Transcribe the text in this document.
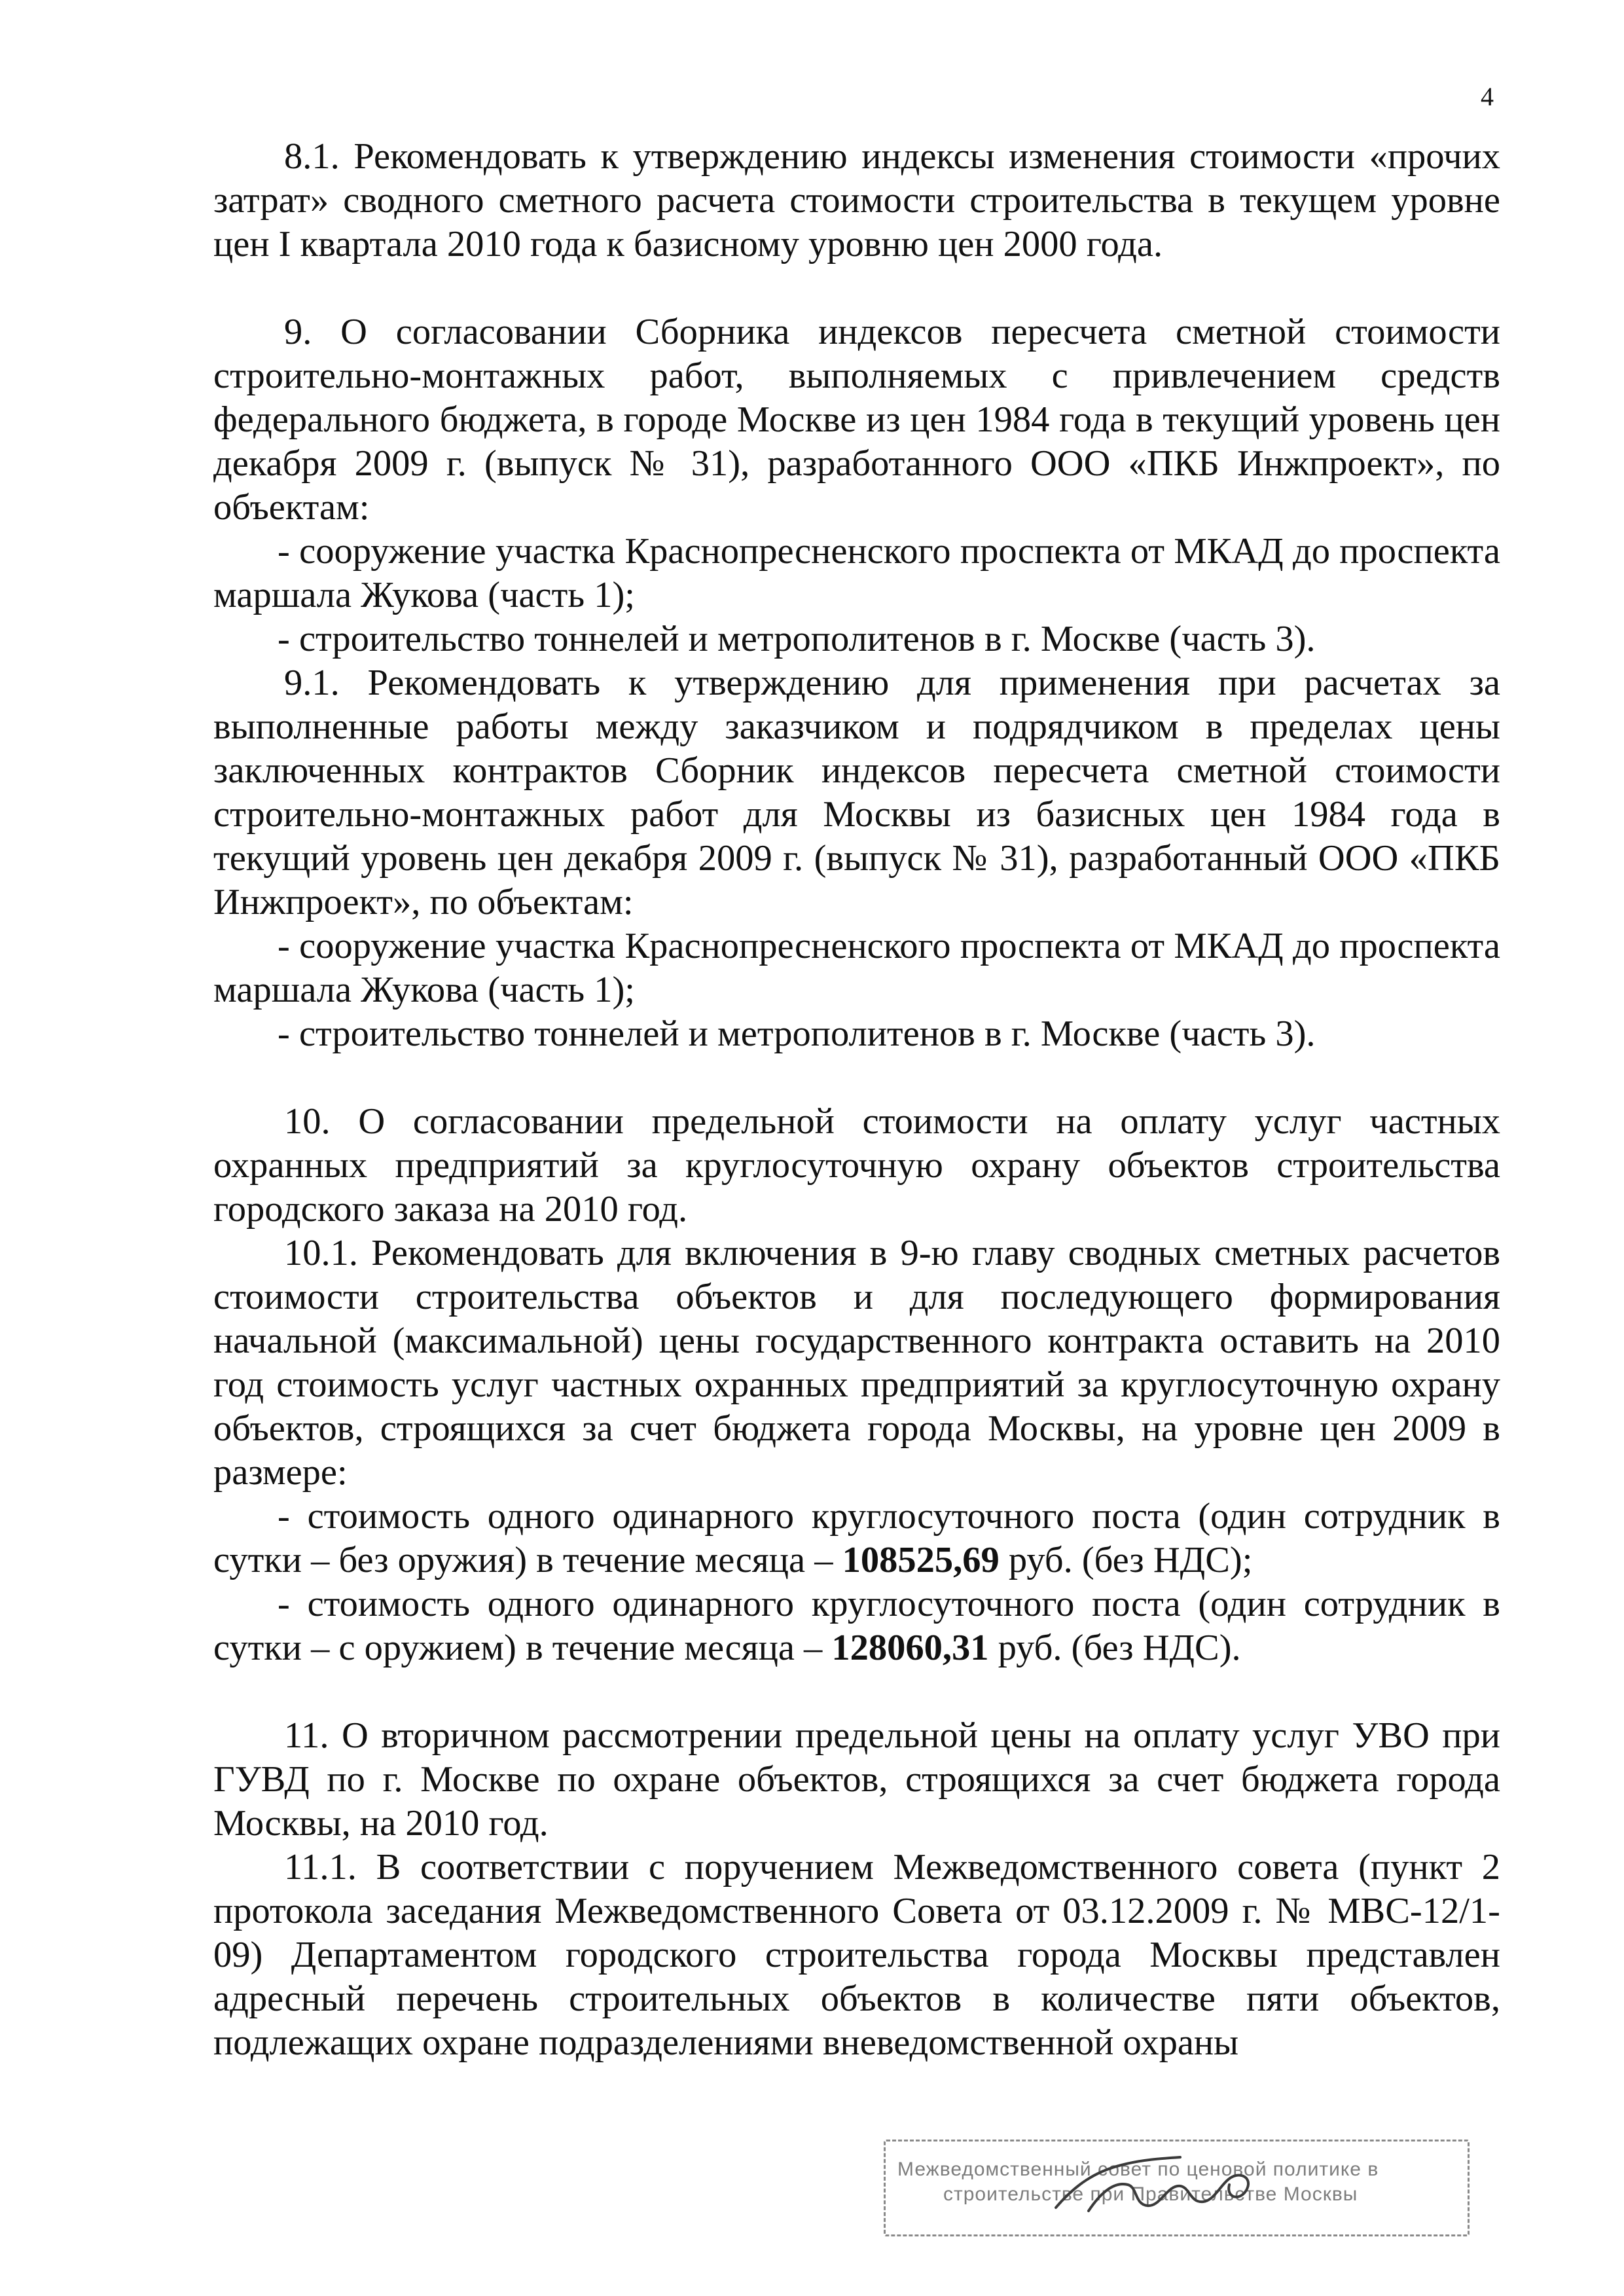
4

8.1. Рекомендовать к утверждению индексы изменения стоимости «прочих затрат» сводного сметного расчета стоимости строительства в текущем уровне цен I квартала 2010 года к базисному уровню цен 2000 года.

9. О согласовании Сборника индексов пересчета сметной стоимости строительно-монтажных работ, выполняемых с привлечением средств федерального бюджета, в городе Москве из цен 1984 года в текущий уровень цен декабря 2009 г. (выпуск № 31), разработанного ООО «ПКБ Инжпроект», по объектам:

- сооружение участка Краснопресненского проспекта от МКАД до проспекта маршала Жукова (часть 1);

- строительство тоннелей и метрополитенов в г. Москве (часть 3).

9.1. Рекомендовать к утверждению для применения при расчетах за выполненные работы между заказчиком и подрядчиком в пределах цены заключенных контрактов Сборник индексов пересчета сметной стоимости строительно-монтажных работ для Москвы из базисных цен 1984 года в текущий уровень цен декабря 2009 г. (выпуск № 31), разработанный ООО «ПКБ Инжпроект», по объектам:

- сооружение участка Краснопресненского проспекта от МКАД до проспекта маршала Жукова (часть 1);

- строительство тоннелей и метрополитенов в г. Москве (часть 3).

10. О согласовании предельной стоимости на оплату услуг частных охранных предприятий за круглосуточную охрану объектов строительства городского заказа на 2010 год.

10.1. Рекомендовать для включения в 9-ю главу сводных сметных расчетов стоимости строительства объектов и для последующего формирования начальной (максимальной) цены государственного контракта оставить на 2010 год стоимость услуг частных охранных предприятий за круглосуточную охрану объектов, строящихся за счет бюджета города Москвы, на уровне цен 2009 в размере:

- стоимость одного одинарного круглосуточного поста (один сотрудник в сутки – без оружия) в течение месяца – 108525,69 руб. (без НДС);

- стоимость одного одинарного круглосуточного поста (один сотрудник в сутки – с оружием) в течение месяца – 128060,31 руб. (без НДС).

11. О вторичном рассмотрении предельной цены на оплату услуг УВО при ГУВД по г. Москве по охране объектов, строящихся за счет бюджета города Москвы, на 2010 год.

11.1. В соответствии с поручением Межведомственного совета (пункт 2 протокола заседания Межведомственного Совета от 03.12.2009 г. № МВС-12/1-09) Департаментом городского строительства города Москвы представлен адресный перечень строительных объектов в количестве пяти объектов, подлежащих охране подразделениями вневедомственной охраны

Межведомственный совет по ценовой политике в
строительстве при Правительстве Москвы
